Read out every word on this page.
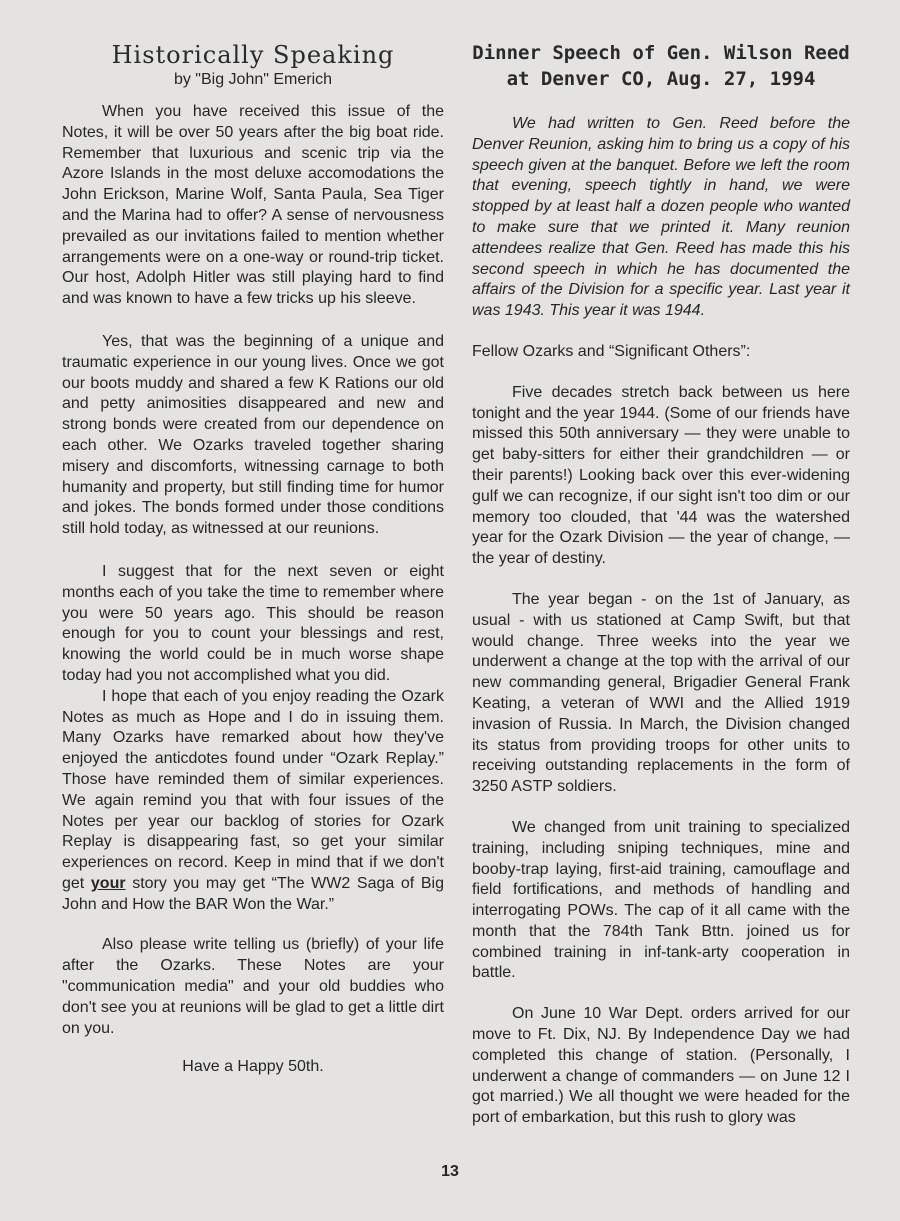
Historically Speaking
by "Big John" Emerich

When you have received this issue of the Notes, it will be over 50 years after the big boat ride. Remember that luxurious and scenic trip via the Azore Islands in the most deluxe accomodations the John Erickson, Marine Wolf, Santa Paula, Sea Tiger and the Marina had to offer? A sense of nervousness prevailed as our invitations failed to mention whether arrangements were on a one-way or round-trip ticket. Our host, Adolph Hitler was still playing hard to find and was known to have a few tricks up his sleeve.

Yes, that was the beginning of a unique and traumatic experience in our young lives. Once we got our boots muddy and shared a few K Rations our old and petty animosities disappeared and new and strong bonds were created from our dependence on each other. We Ozarks traveled together sharing misery and discomforts, witnessing carnage to both humanity and property, but still finding time for humor and jokes. The bonds formed under those conditions still hold today, as witnessed at our reunions.

I suggest that for the next seven or eight months each of you take the time to remember where you were 50 years ago. This should be reason enough for you to count your blessings and rest, knowing the world could be in much worse shape today had you not accomplished what you did.

I hope that each of you enjoy reading the Ozark Notes as much as Hope and I do in issuing them. Many Ozarks have remarked about how they've enjoyed the anticdotes found under “Ozark Replay.” Those have reminded them of similar experiences. We again remind you that with four issues of the Notes per year our backlog of stories for Ozark Replay is disappearing fast, so get your similar experiences on record. Keep in mind that if we don't get your story you may get “The WW2 Saga of Big John and How the BAR Won the War.”

Also please write telling us (briefly) of your life after the Ozarks. These Notes are your "communication media" and your old buddies who don't see you at reunions will be glad to get a little dirt on you.

Have a Happy 50th.

Dinner Speech of Gen. Wilson Reed
at Denver CO, Aug. 27, 1994

We had written to Gen. Reed before the Denver Reunion, asking him to bring us a copy of his speech given at the banquet. Before we left the room that evening, speech tightly in hand, we were stopped by at least half a dozen people who wanted to make sure that we printed it. Many reunion attendees realize that Gen. Reed has made this his second speech in which he has documented the affairs of the Division for a specific year. Last year it was 1943. This year it was 1944.

Fellow Ozarks and “Significant Others”:

Five decades stretch back between us here tonight and the year 1944. (Some of our friends have missed this 50th anniversary — they were unable to get baby-sitters for either their grandchildren — or their parents!) Looking back over this ever-widening gulf we can recognize, if our sight isn't too dim or our memory too clouded, that '44 was the watershed year for the Ozark Division — the year of change, — the year of destiny.

The year began - on the 1st of January, as usual - with us stationed at Camp Swift, but that would change. Three weeks into the year we underwent a change at the top with the arrival of our new commanding general, Brigadier General Frank Keating, a veteran of WWI and the Allied 1919 invasion of Russia. In March, the Division changed its status from providing troops for other units to receiving outstanding replacements in the form of 3250 ASTP soldiers.

We changed from unit training to specialized training, including sniping techniques, mine and booby-trap laying, first-aid training, camouflage and field fortifications, and methods of handling and interrogating POWs. The cap of it all came with the month that the 784th Tank Bttn. joined us for combined training in inf-tank-arty cooperation in battle.

On June 10 War Dept. orders arrived for our move to Ft. Dix, NJ. By Independence Day we had completed this change of station. (Personally, I underwent a change of commanders — on June 12 I got married.) We all thought we were headed for the port of embarkation, but this rush to glory was

13
